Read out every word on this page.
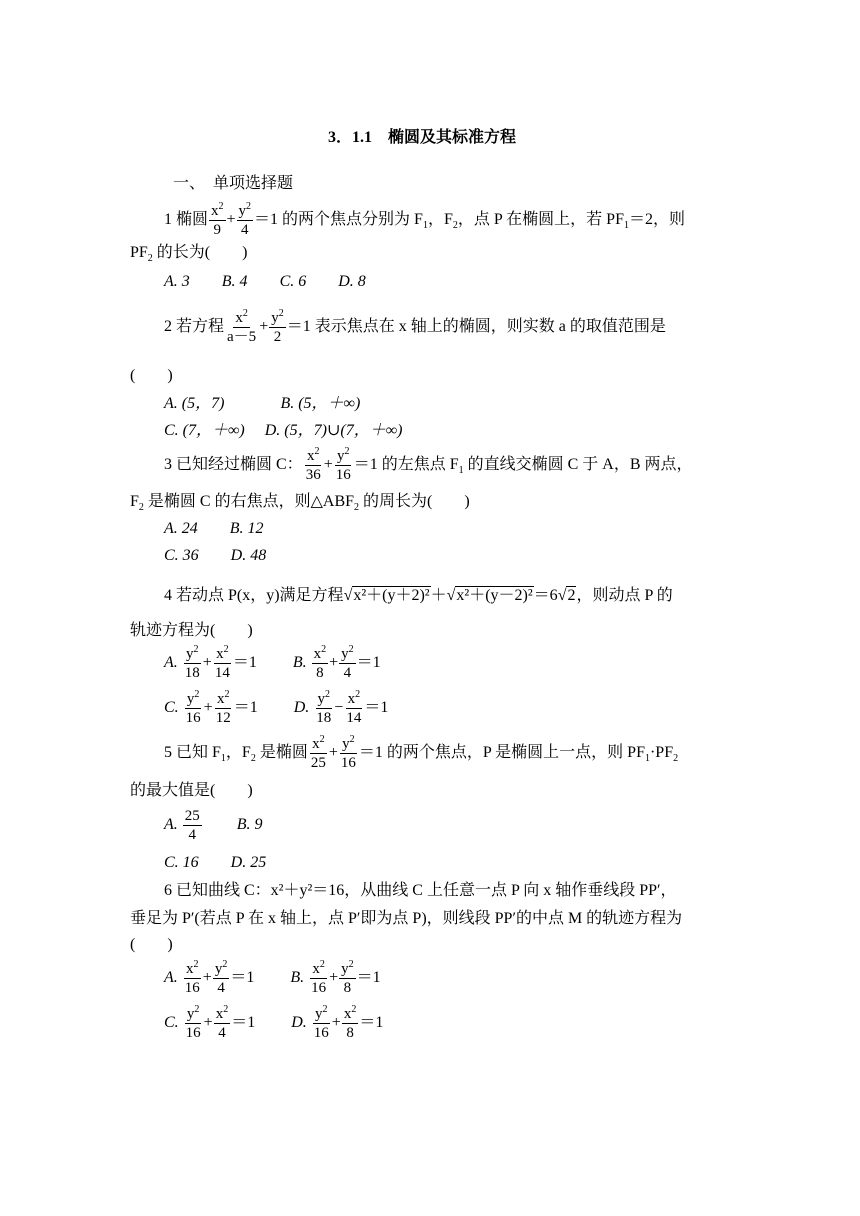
3．1.1　椭圆及其标准方程
一、　单项选择题
1 椭圆 $\frac{x^2}{9} + \frac{y^2}{4} =1$ 的两个焦点分别为 $F_1$，$F_2$，点 P 在椭圆上，若 $PF_1=2$，则
$PF_2$ 的长为(　　)
A. 3 B. 4 C. 6 D. 8
2 若方程 $\frac{x^2}{a-5} + \frac{y^2}{2} =1$ 表示焦点在 x 轴上的椭圆，则实数 a 的取值范围是
(　　)
A. (5，7)	B. (5，＋∞)
C. (7，＋∞) D. (5，7)∪(7，＋∞)
3 已知经过椭圆 C： $\frac{x^2}{36} + \frac{y^2}{16} =1$ 的左焦点 $F_1$ 的直线交椭圆 C 于 A，B 两点，
$F_2$ 是椭圆 C 的右焦点，则$\triangle ABF_2$ 的周长为(　　)
A. 24 B. 12
C. 36 D. 48
4 若动点 P(x，y)满足方程√x²＋(y＋2)²＋√x²＋(y－2)²＝6√2，则动点 P 的
轨迹方程为(　　)
A. $\frac{y^2}{18} + \frac{x^2}{14} =1$ B. $\frac{x^2}{8} + \frac{y^2}{4} =1$
C. $\frac{y^2}{16} + \frac{x^2}{12} =1$ D. $\frac{y^2}{18} - \frac{x^2}{14} =1$
5 已知 $F_1$，$F_2$ 是椭圆 $\frac{x^2}{25} + \frac{y^2}{16} =1$ 的两个焦点，P 是椭圆上一点，则 $PF_1\cdot PF_2$
的最大值是(　　)
A. $\frac{25}{4} B$. 9
C. 16 D. 25
6 已知曲线 C：x²＋y²＝16，从曲线 C 上任意一点 P 向 x 轴作垂线段 PP′，
垂足为 P′(若点 P 在 x 轴上，点 P′即为点 P)，则线段 PP′的中点 M 的轨迹方程为
(　　)
A. $\frac{x^2}{16} + \frac{y^2}{4} =1$ B. $\frac{x^2}{16} + \frac{y^2}{8} =1$
C. $\frac{y^2}{16} + \frac{x^2}{4} =1$ D. $\frac{y^2}{16} + \frac{x^2}{8} =1$
